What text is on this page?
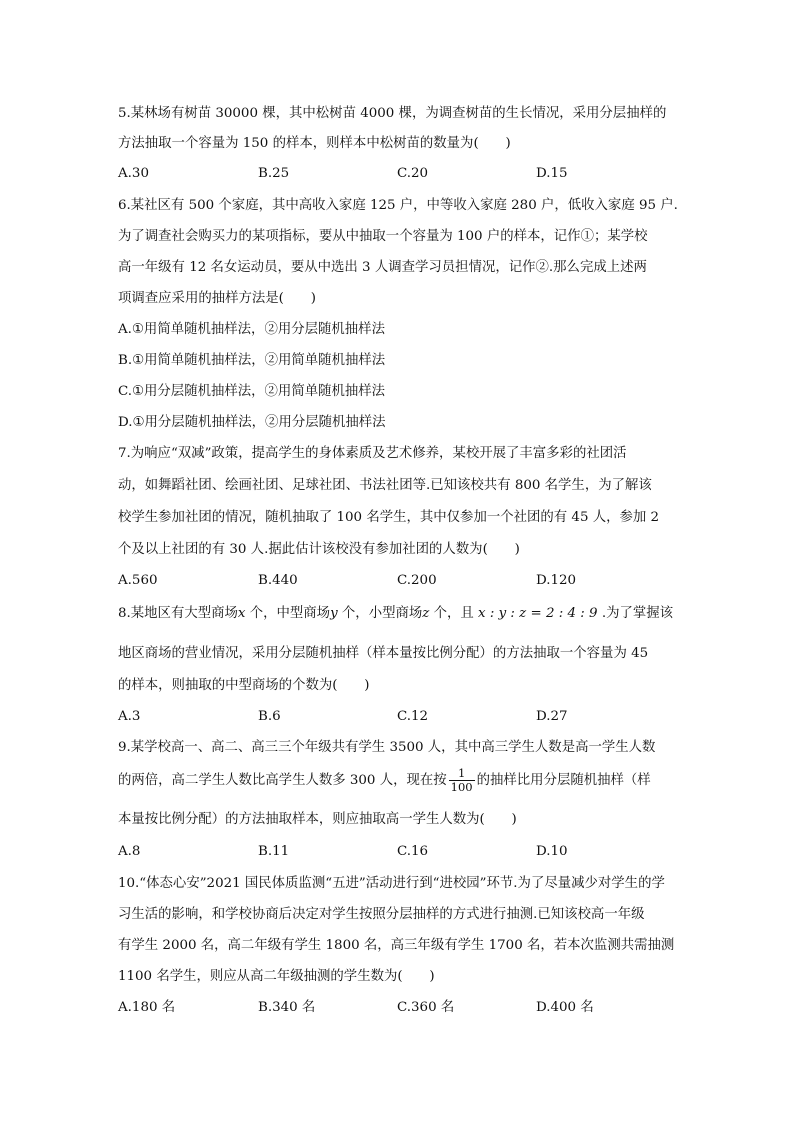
5.某林场有树苗 30000 棵，其中松树苗 4000 棵，为调查树苗的生长情况，采用分层抽样的
方法抽取一个容量为 150 的样本，则样本中松树苗的数量为(　　)
A.30	B.25	C.20	D.15
6.某社区有 500 个家庭，其中高收入家庭 125 户，中等收入家庭 280 户，低收入家庭 95 户.
为了调查社会购买力的某项指标，要从中抽取一个容量为 100 户的样本，记作①；某学校
高一年级有 12 名女运动员，要从中选出 3 人调查学习员担情况，记作②.那么完成上述两
项调查应采用的抽样方法是(　　)
A.①用简单随机抽样法，②用分层随机抽样法
B.①用简单随机抽样法，②用简单随机抽样法
C.①用分层随机抽样法，②用简单随机抽样法
D.①用分层随机抽样法，②用分层随机抽样法
7.为响应“双减”政策，提高学生的身体素质及艺术修养，某校开展了丰富多彩的社团活
动，如舞蹈社团、绘画社团、足球社团、书法社团等.已知该校共有 800 名学生，为了解该
校学生参加社团的情况，随机抽取了 100 名学生，其中仅参加一个社团的有 45 人，参加 2
个及以上社团的有 30 人.据此估计该校没有参加社团的人数为(　　)
A.560	B.440	C.200	D.120
8.某地区有大型商场x 个，中型商场y 个，小型商场z 个，且 x : y : z = 2 : 4 : 9 .为了掌握该
地区商场的营业情况，采用分层随机抽样（样本量按比例分配）的方法抽取一个容量为 45
的样本，则抽取的中型商场的个数为(　　)
A.3	B.6	C.12	D.27
9.某学校高一、高二、高三三个年级共有学生 3500 人，其中高三学生人数是高一学生人数
的两倍，高二学生人数比高学生人数多 300 人，现在按 $\frac{1}{100}$ 的抽样比用分层随机抽样（样
本量按比例分配）的方法抽取样本，则应抽取高一学生人数为(　　)
A.8	B.11	C.16	D.10
10.“体态心安”2021 国民体质监测“五进”活动进行到“进校园”环节.为了尽量减少对学生的学
习生活的影响，和学校协商后决定对学生按照分层抽样的方式进行抽测.已知该校高一年级
有学生 2000 名，高二年级有学生 1800 名，高三年级有学生 1700 名，若本次监测共需抽测
1100 名学生，则应从高二年级抽测的学生数为(　　)
A.180 名	B.340 名	C.360 名	D.400 名
